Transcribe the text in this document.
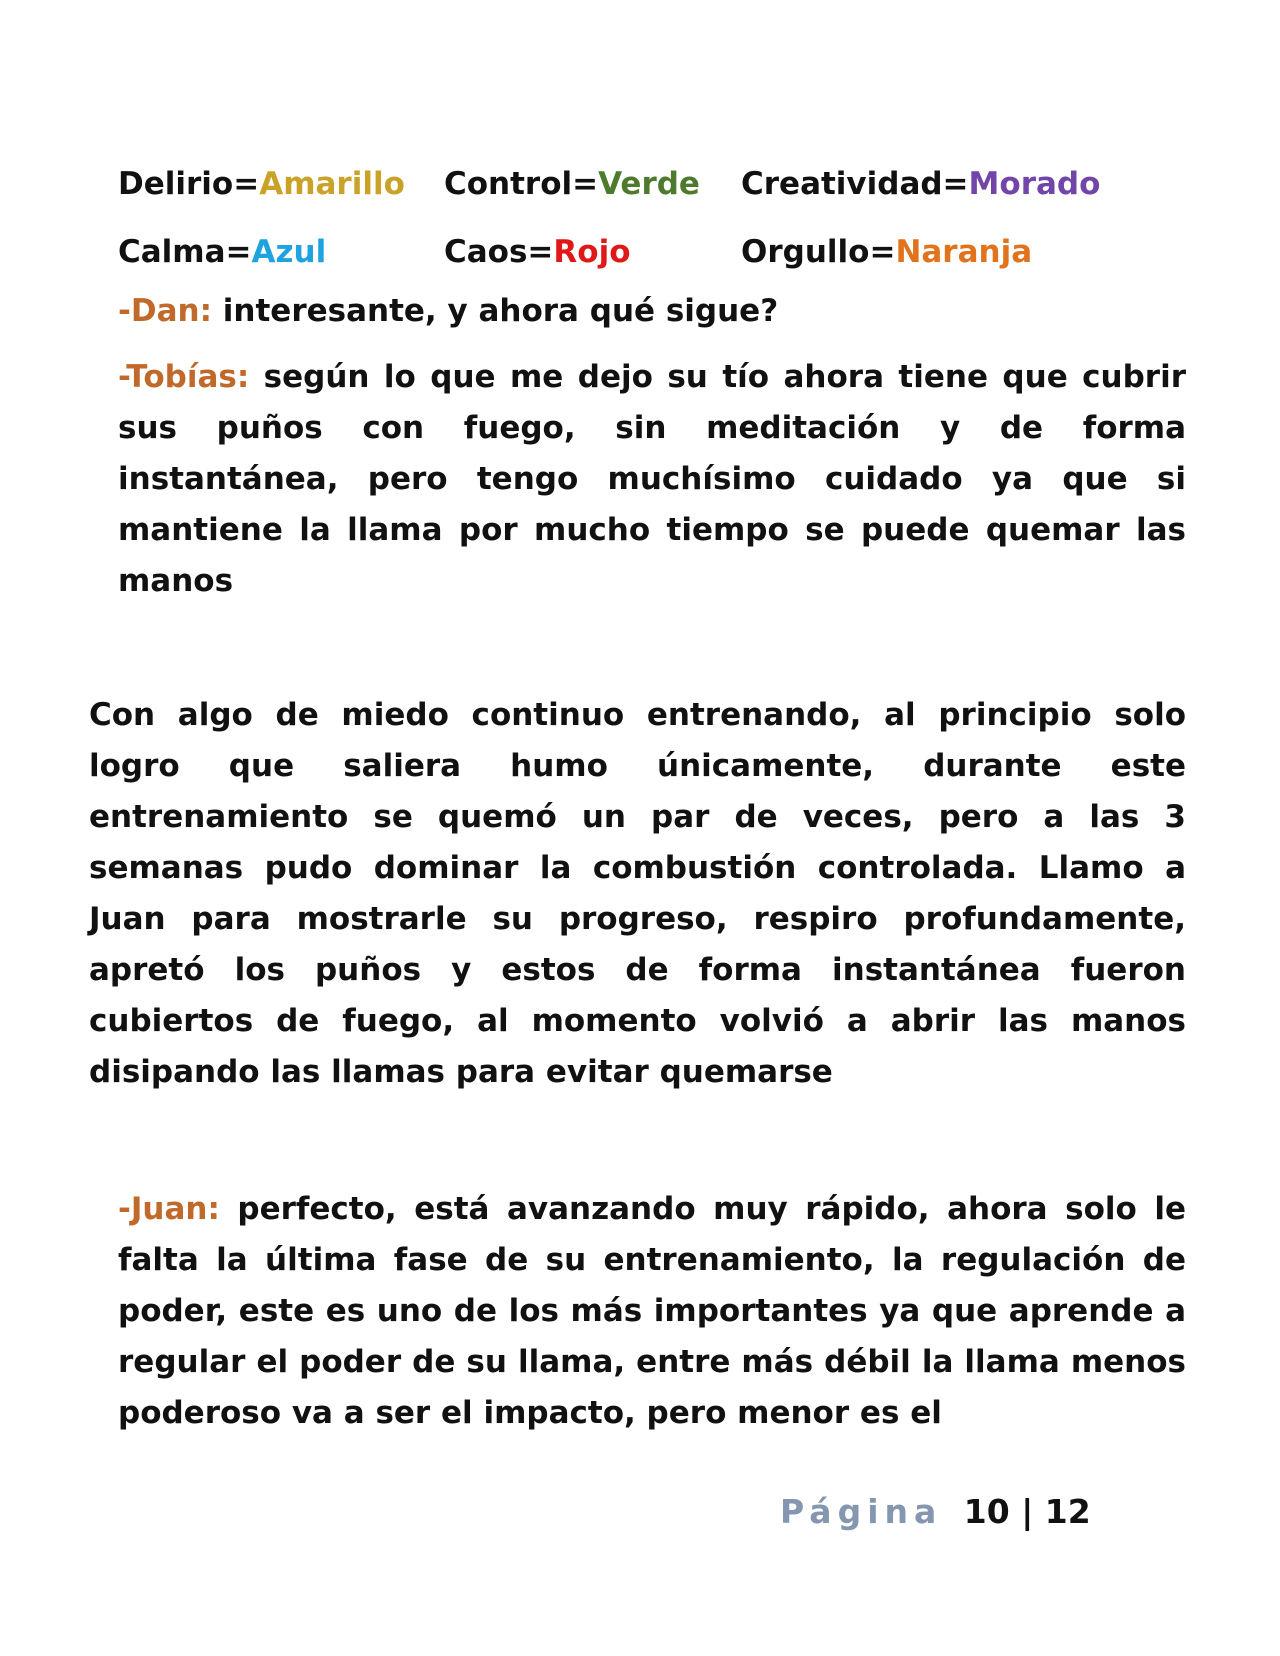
Delirio=Amarillo	Control=Verde	Creatividad=Morado
Calma=Azul	Caos=Rojo	Orgullo=Naranja

-Dan: interesante, y ahora qué sigue?

-Tobías: según lo que me dejo su tío ahora tiene que cubrir sus puños con fuego, sin meditación y de forma instantánea, pero tengo muchísimo cuidado ya que si mantiene la llama por mucho tiempo se puede quemar las manos

Con algo de miedo continuo entrenando, al principio solo logro que saliera humo únicamente, durante este entrenamiento se quemó un par de veces, pero a las 3 semanas pudo dominar la combustión controlada. Llamo a Juan para mostrarle su progreso, respiro profundamente, apretó los puños y estos de forma instantánea fueron cubiertos de fuego, al momento volvió a abrir las manos disipando las llamas para evitar quemarse

-Juan: perfecto, está avanzando muy rápido, ahora solo le falta la última fase de su entrenamiento, la regulación de poder, este es uno de los más importantes ya que aprende a regular el poder de su llama, entre más débil la llama menos poderoso va a ser el impacto, pero menor es el

Página 10 | 12
